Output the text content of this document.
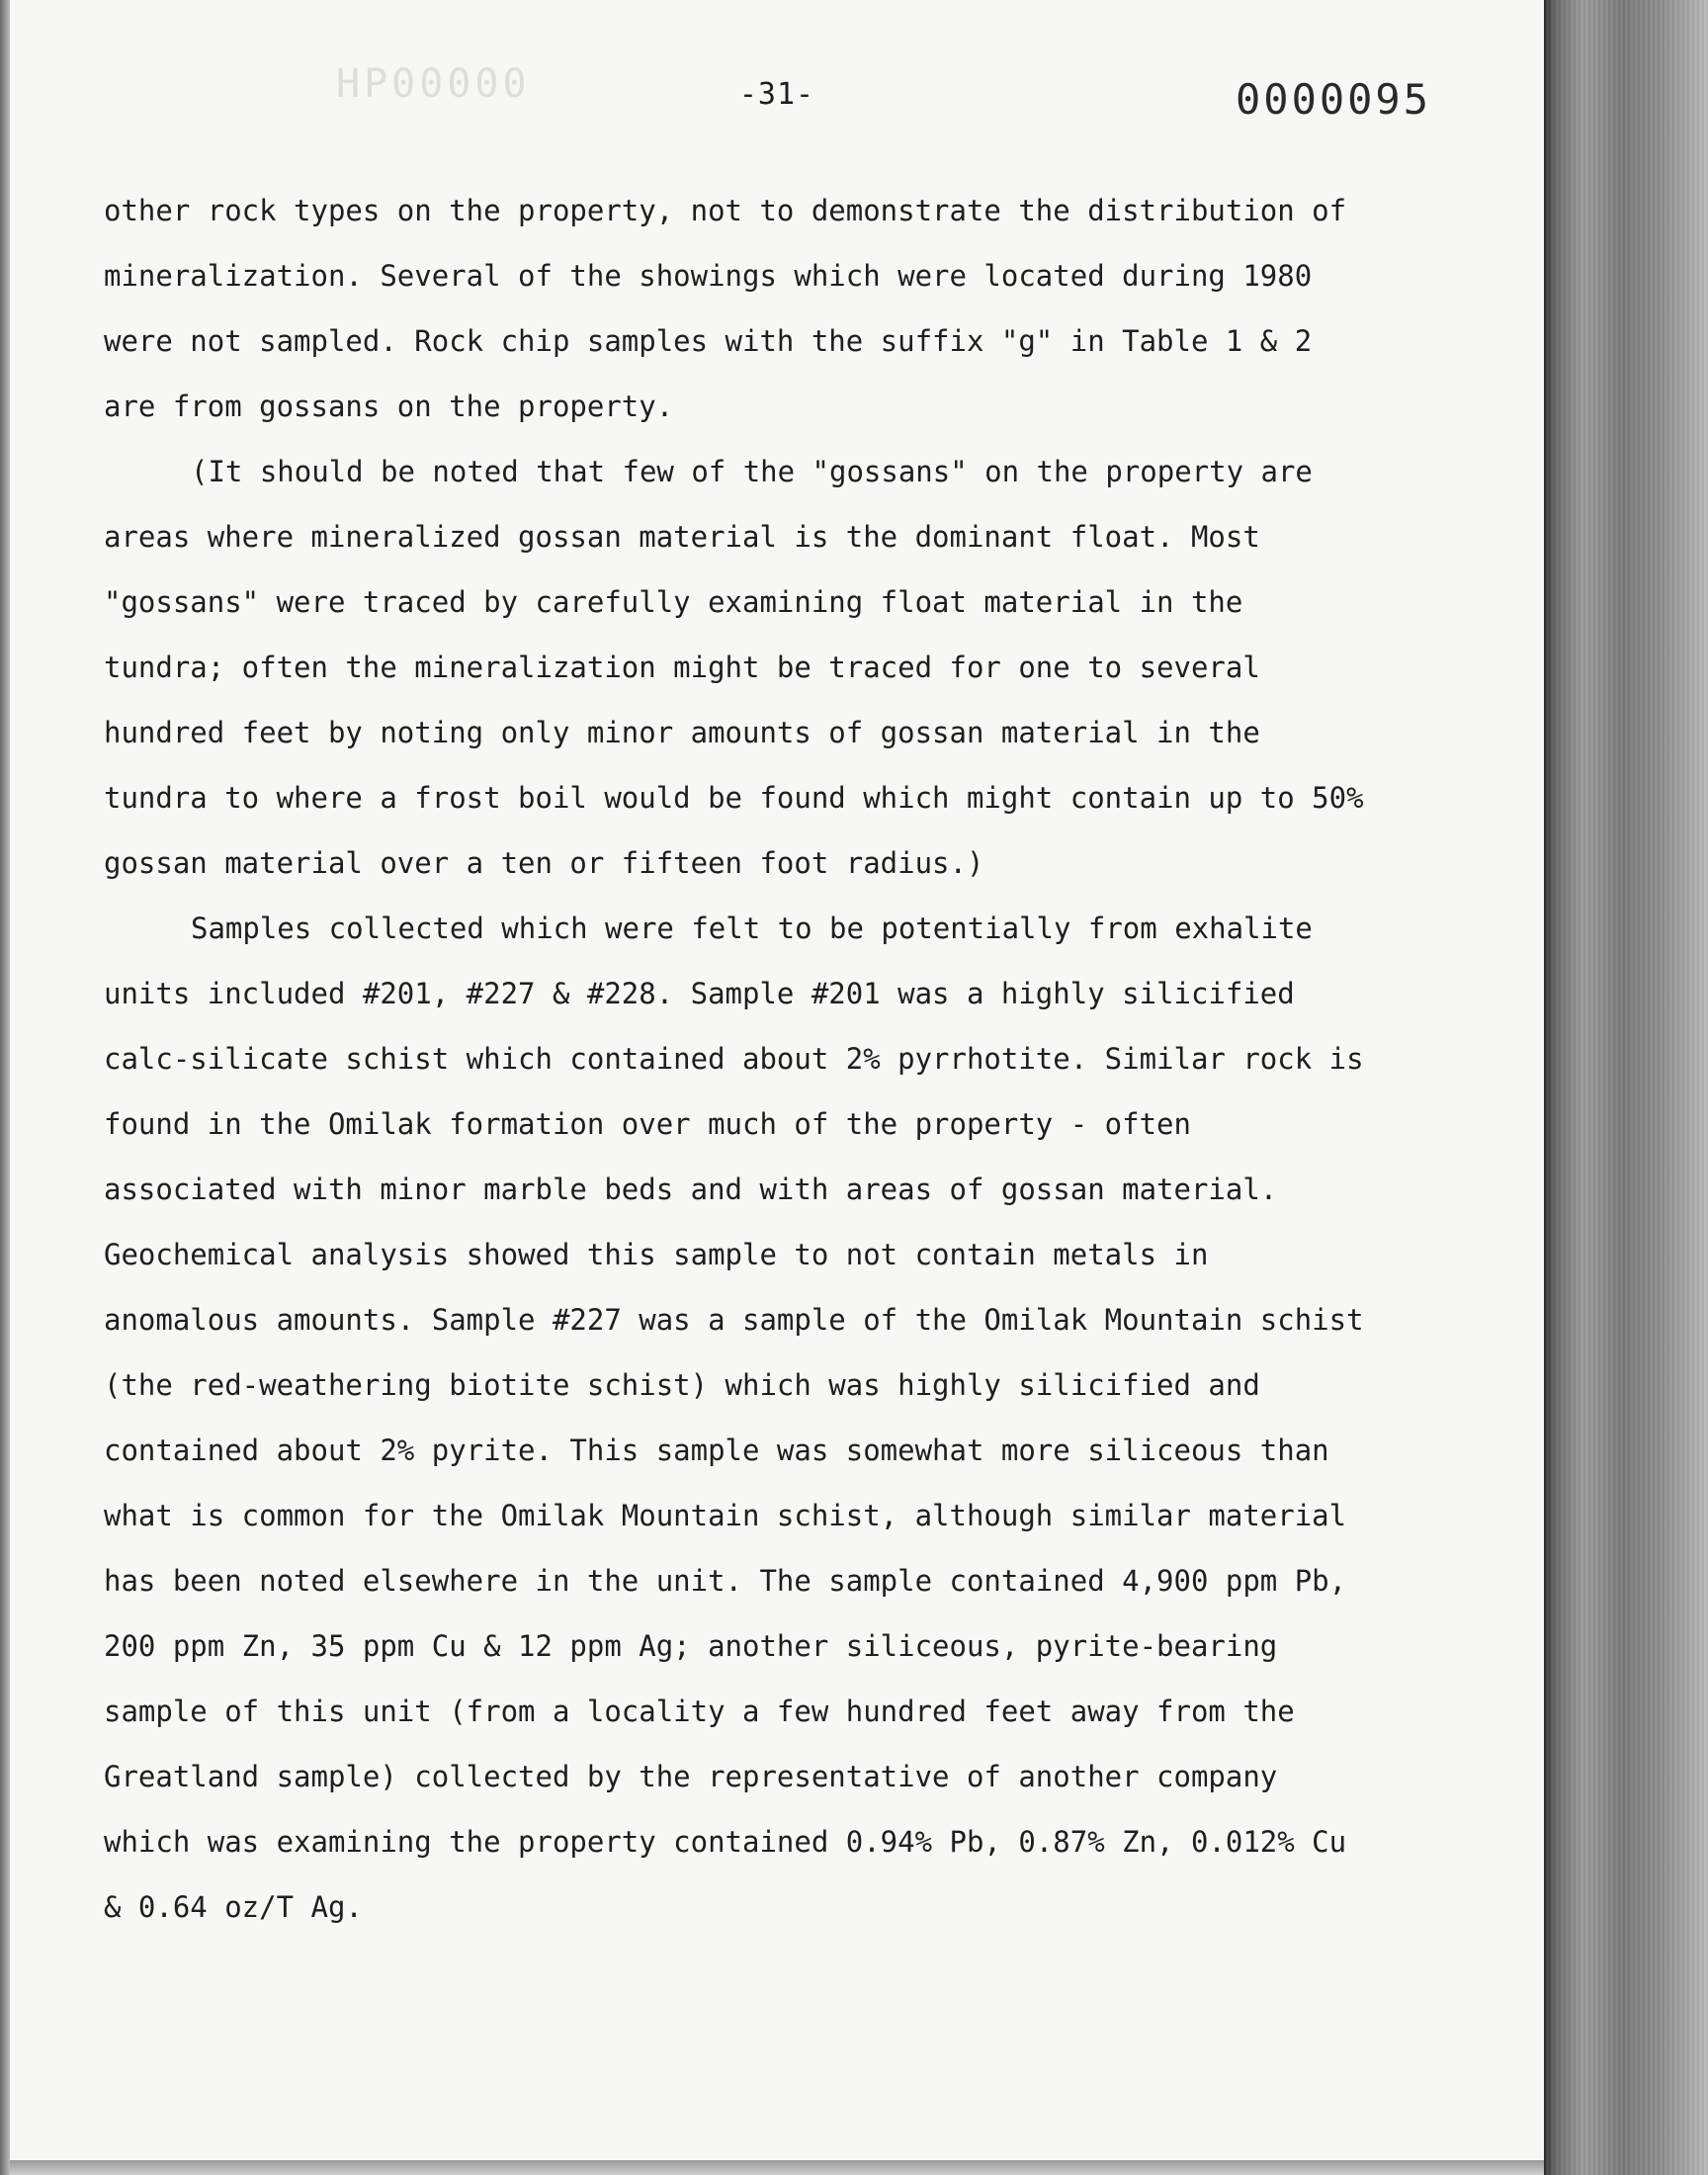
HP00000	-31-	0000095

other rock types on the property, not to demonstrate the distribution of mineralization. Several of the showings which were located during 1980 were not sampled. Rock chip samples with the suffix "g" in Table 1 & 2 are from gossans on the property.

(It should be noted that few of the "gossans" on the property are areas where mineralized gossan material is the dominant float. Most "gossans" were traced by carefully examining float material in the tundra; often the mineralization might be traced for one to several hundred feet by noting only minor amounts of gossan material in the tundra to where a frost boil would be found which might contain up to 50% gossan material over a ten or fifteen foot radius.)

Samples collected which were felt to be potentially from exhalite units included #201, #227 & #228. Sample #201 was a highly silicified calc-silicate schist which contained about 2% pyrrhotite. Similar rock is found in the Omilak formation over much of the property - often associated with minor marble beds and with areas of gossan material. Geochemical analysis showed this sample to not contain metals in anomalous amounts. Sample #227 was a sample of the Omilak Mountain schist (the red-weathering biotite schist) which was highly silicified and contained about 2% pyrite. This sample was somewhat more siliceous than what is common for the Omilak Mountain schist, although similar material has been noted elsewhere in the unit. The sample contained 4,900 ppm Pb, 200 ppm Zn, 35 ppm Cu & 12 ppm Ag; another siliceous, pyrite-bearing sample of this unit (from a locality a few hundred feet away from the Greatland sample) collected by the representative of another company which was examining the property contained 0.94% Pb, 0.87% Zn, 0.012% Cu & 0.64 oz/T Ag.
